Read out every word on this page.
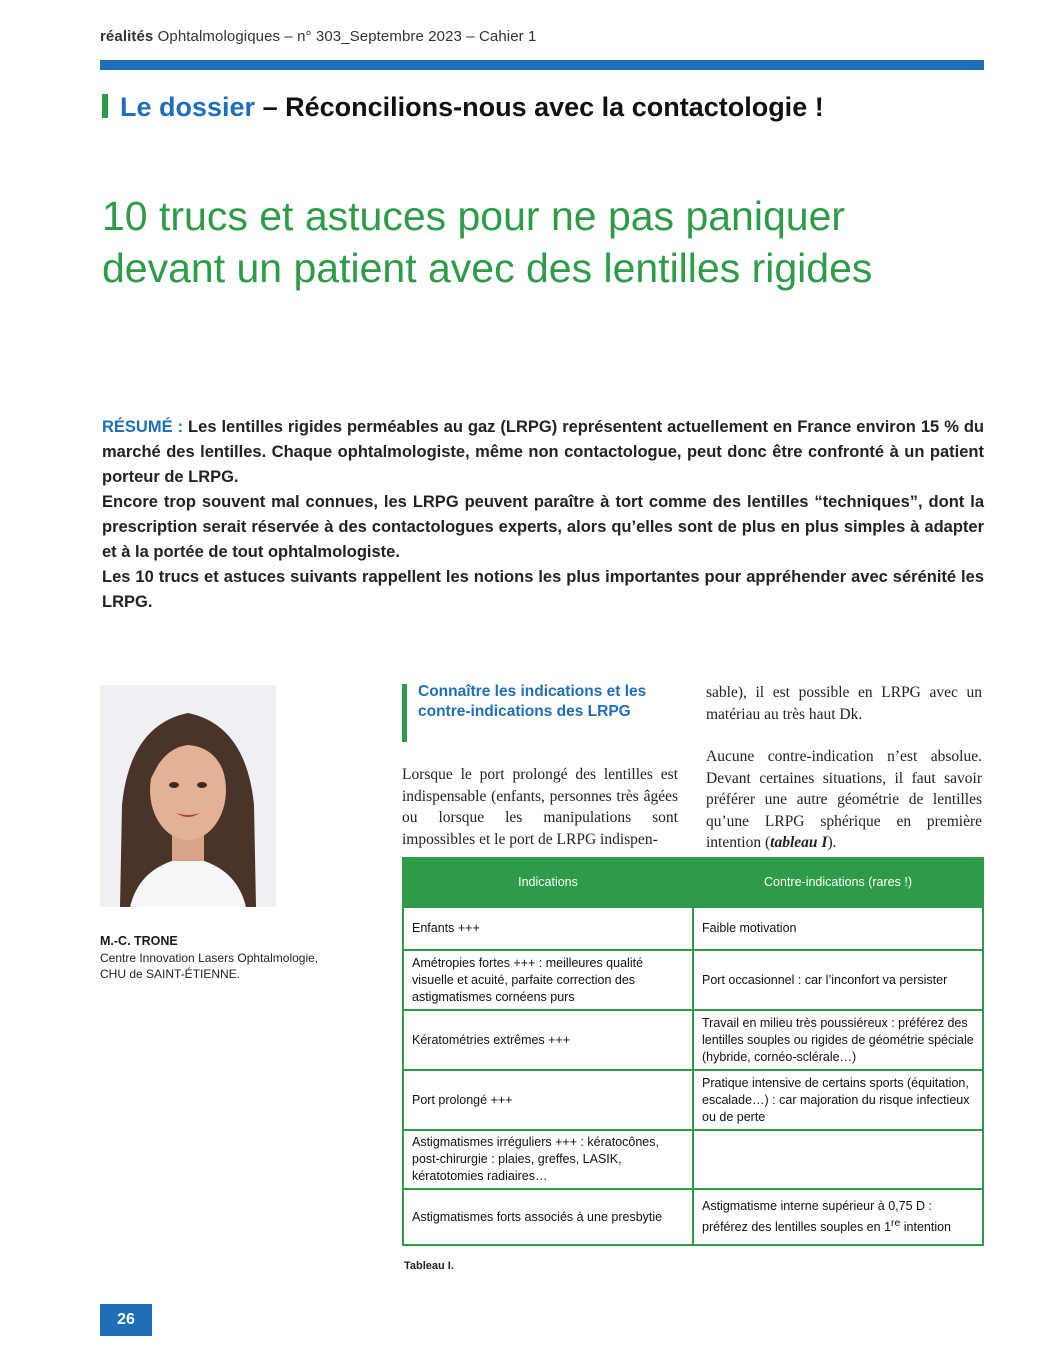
réalités Ophtalmologiques – n° 303_Septembre 2023 – Cahier 1
Le dossier – Réconcilions-nous avec la contactologie !
10 trucs et astuces pour ne pas paniquer devant un patient avec des lentilles rigides

RÉSUMÉ : Les lentilles rigides perméables au gaz (LRPG) représentent actuellement en France environ 15 % du marché des lentilles. Chaque ophtalmologiste, même non contactologue, peut donc être confronté à un patient porteur de LRPG.

Encore trop souvent mal connues, les LRPG peuvent paraître à tort comme des lentilles “techniques”, dont la prescription serait réservée à des contactologues experts, alors qu’elles sont de plus en plus simples à adapter et à la portée de tout ophtalmologiste.

Les 10 trucs et astuces suivants rappellent les notions les plus importantes pour appréhender avec sérénité les LRPG.

M.-C. TRONE
Centre Innovation Lasers Ophtalmologie,
CHU de SAINT-ÉTIENNE.
Connaître les indications et les contre-indications des LRPG

Lorsque le port prolongé des lentilles est indispensable (enfants, personnes très âgées ou lorsque les manipulations sont impossibles et le port de LRPG indispen-

sable), il est possible en LRPG avec un matériau au très haut Dk.

Aucune contre-indication n’est absolue. Devant certaines situations, il faut savoir préférer une autre géométrie de lentilles qu’une LRPG sphérique en première intention (tableau I).

Indications	Contre-indications (rares !)
Enfants +++	Faible motivation
Amétropies fortes +++ : meilleures qualité visuelle et acuité, parfaite correction des astigmatismes cornéens purs	Port occasionnel : car l’inconfort va persister
Kératométries extrêmes +++	Travail en milieu très poussiéreux : préférez des lentilles souples ou rigides de géométrie spéciale (hybride, cornéo-sclérale…)
Port prolongé +++	Pratique intensive de certains sports (équitation, escalade…) : car majoration du risque infectieux ou de perte
Astigmatismes irréguliers +++ : kératocônes, post-chirurgie : plaies, greffes, LASIK, kératotomies radiaires…	
Astigmatismes forts associés à une presbytie	Astigmatisme interne supérieur à 0,75 D : préférez des lentilles souples en 1re intention
Tableau I.
26
